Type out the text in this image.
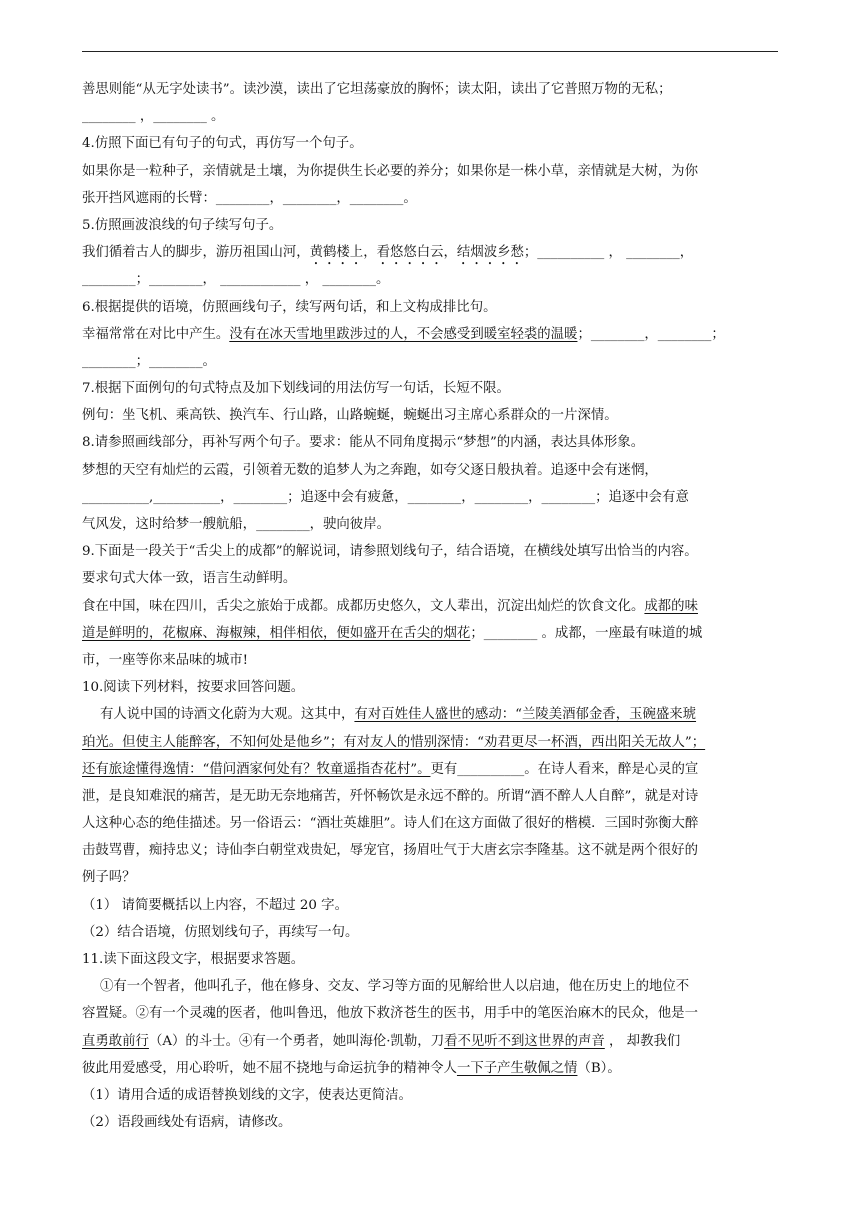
善思则能“从无字处读书”。读沙漠，读出了它坦荡豪放的胸怀；读太阳，读出了它普照万物的无私；
________ ，________ 。
4.仿照下面已有句子的句式，再仿写一个句子。
如果你是一粒种子，亲情就是土壤，为你提供生长必要的养分；如果你是一株小草，亲情就是大树，为你
张开挡风遮雨的长臂：________，________，________。
5.仿照画波浪线的句子续写句子。
我们循着古人的脚步，游历祖国山河，黄鹤楼上，看悠悠白云，结烟波乡愁；__________ ， ________，
________；________， ____________ ， ________。
6.根据提供的语境，仿照画线句子，续写两句话，和上文构成排比句。
幸福常常在对比中产生。没有在冰天雪地里跋涉过的人，不会感受到暖室轻裘的温暖；________，________；
________；________。
7.根据下面例句的句式特点及加下划线词的用法仿写一句话，长短不限。
例句：坐飞机、乘高铁、换汽车、行山路，山路蜿蜒，蜿蜒出习主席心系群众的一片深情。
8.请参照画线部分，再补写两个句子。要求：能从不同角度揭示“梦想”的内涵，表达具体形象。
梦想的天空有灿烂的云霞，引领着无数的追梦人为之奔跑，如夸父逐日般执着。追逐中会有迷惘，
__________,__________，________；追逐中会有疲惫，________，________，________；追逐中会有意
气风发，这时给梦一艘航船，________，驶向彼岸。
9.下面是一段关于“舌尖上的成都”的解说词，请参照划线句子，结合语境，在横线处填写出恰当的内容。
要求句式大体一致，语言生动鲜明。
食在中国，味在四川，舌尖之旅始于成都。成都历史悠久，文人辈出，沉淀出灿烂的饮食文化。成都的味
道是鲜明的，花椒麻、海椒辣，相伴相依，便如盛开在舌尖的烟花；________ 。成都，一座最有味道的城
市，一座等你来品味的城市!
10.阅读下列材料，按要求回答问题。
有人说中国的诗酒文化蔚为大观。这其中，有对百姓佳人盛世的感动：“兰陵美酒郁金香，玉碗盛来琥
珀光。但使主人能醉客，不知何处是他乡”；有对友人的惜别深情：“劝君更尽一杯酒，西出阳关无故人”；
还有旅途懂得逸情：“借问酒家何处有？牧童遥指杏花村”。更有__________。在诗人看来，醉是心灵的宣
泄，是良知难泯的痛苦，是无助无奈地痛苦，歼怀畅饮是永远不醉的。所谓“酒不醉人人自醉”，就是对诗
人这种心态的绝佳描述。另一俗语云：“酒壮英雄胆”。诗人们在这方面做了很好的楷模．三国时弥衡大醉
击鼓骂曹，痴持忠义；诗仙李白朝堂戏贵妃，辱宠官，扬眉吐气于大唐玄宗李隆基。这不就是两个很好的
例子吗？
（1） 请简要概括以上内容，不超过 20 字。
（2）结合语境，仿照划线句子，再续写一句。
11.读下面这段文字，根据要求答题。
①有一个智者，他叫孔子，他在修身、交友、学习等方面的见解给世人以启迪，他在历史上的地位不
容置疑。②有一个灵魂的医者，他叫鲁迅，他放下救济苍生的医书，用手中的笔医治麻木的民众，他是一
直勇敢前行（A）的斗士。④有一个勇者，她叫海伦·凯勒，刀看不见听不到这世界的声音 ， 却教我们
彼此用爱感受，用心聆听，她不屈不挠地与命运抗争的精神令人一下子产生敬佩之情（B）。
（1）请用合适的成语替换划线的文字，使表达更简洁。
（2）语段画线处有语病，请修改。
